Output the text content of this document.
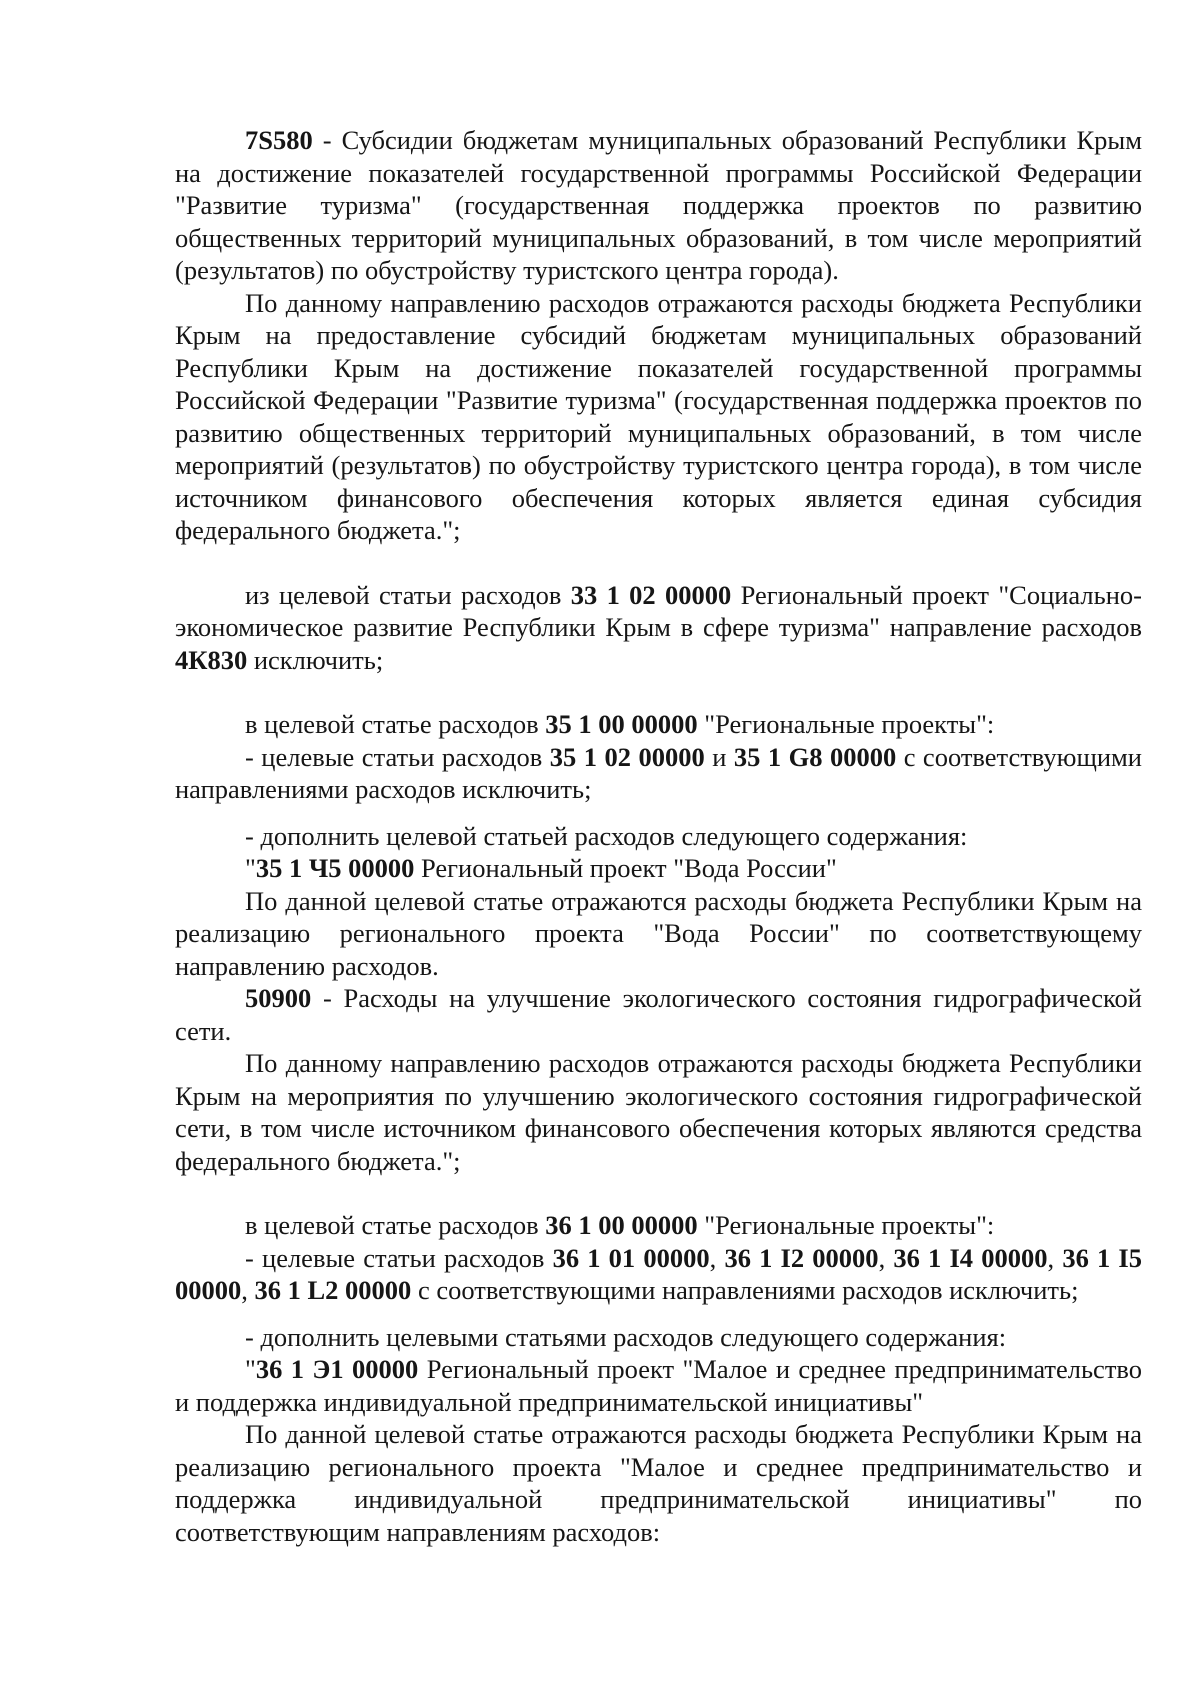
7S580 - Субсидии бюджетам муниципальных образований Республики Крым на достижение показателей государственной программы Российской Федерации "Развитие туризма" (государственная поддержка проектов по развитию общественных территорий муниципальных образований, в том числе мероприятий (результатов) по обустройству туристского центра города).

По данному направлению расходов отражаются расходы бюджета Республики Крым на предоставление субсидий бюджетам муниципальных образований Республики Крым на достижение показателей государственной программы Российской Федерации "Развитие туризма" (государственная поддержка проектов по развитию общественных территорий муниципальных образований, в том числе мероприятий (результатов) по обустройству туристского центра города), в том числе источником финансового обеспечения которых является единая субсидия федерального бюджета.";

из целевой статьи расходов 33 1 02 00000 Региональный проект "Социально-экономическое развитие Республики Крым в сфере туризма" направление расходов 4К830 исключить;

в целевой статье расходов 35 1 00 00000 "Региональные проекты":

- целевые статьи расходов 35 1 02 00000 и 35 1 G8 00000 с соответствующими направлениями расходов исключить;

- дополнить целевой статьей расходов следующего содержания:

"35 1 Ч5 00000 Региональный проект "Вода России"

По данной целевой статье отражаются расходы бюджета Республики Крым на реализацию регионального проекта "Вода России" по соответствующему направлению расходов.

50900 - Расходы на улучшение экологического состояния гидрографической сети.

По данному направлению расходов отражаются расходы бюджета Республики Крым на мероприятия по улучшению экологического состояния гидрографической сети, в том числе источником финансового обеспечения которых являются средства федерального бюджета.";

в целевой статье расходов 36 1 00 00000 "Региональные проекты":

- целевые статьи расходов 36 1 01 00000, 36 1 I2 00000, 36 1 I4 00000, 36 1 I5 00000, 36 1 L2 00000 с соответствующими направлениями расходов исключить;

- дополнить целевыми статьями расходов следующего содержания:

"36 1 Э1 00000 Региональный проект "Малое и среднее предпринимательство и поддержка индивидуальной предпринимательской инициативы"

По данной целевой статье отражаются расходы бюджета Республики Крым на реализацию регионального проекта "Малое и среднее предпринимательство и поддержка индивидуальной предпринимательской инициативы" по соответствующим направлениям расходов:
